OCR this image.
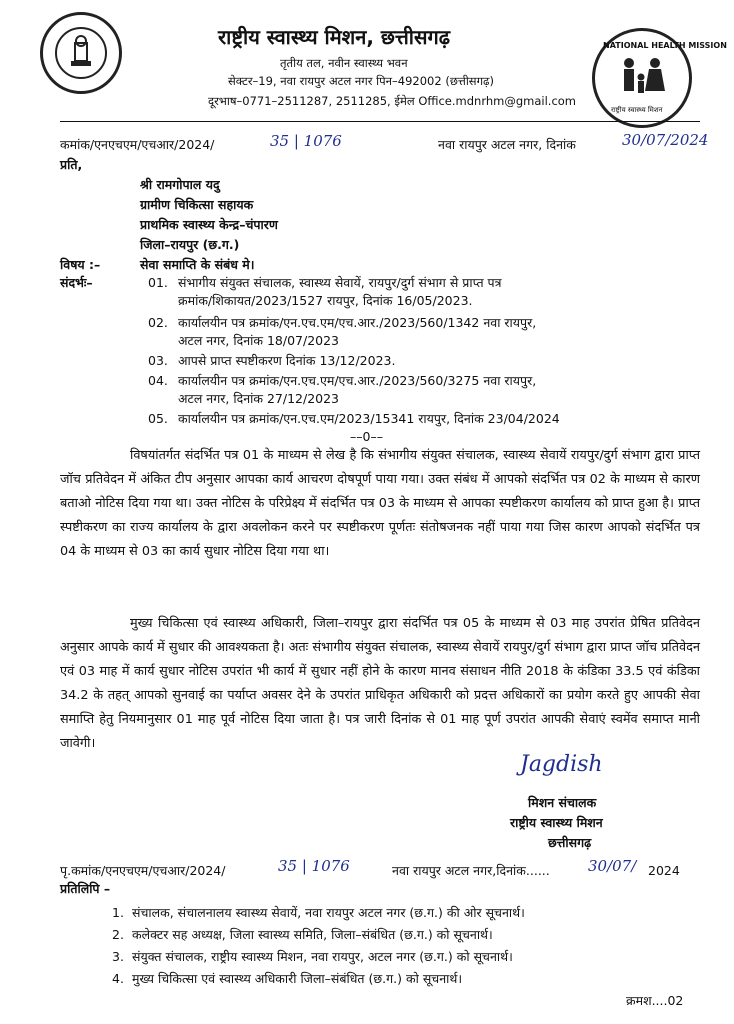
राष्ट्रीय स्वास्थ्य मिशन, छत्तीसगढ़
तृतीय तल, नवीन स्वास्थ्य भवन
सेक्टर–19, नवा रायपुर अटल नगर पिन–492002 (छत्तीसगढ़)
दूरभाष–0771–2511287, 2511285, ईमेल Office.mdnrhm@gmail.com
NATIONAL HEALTH MISSION
राष्ट्रीय स्वास्थ्य मिशन
कमांक/एनएचएम/एचआर/2024/	35 | 1076	नवा रायपुर अटल नगर, दिनांक	30/07/2024
प्रति,
श्री रामगोपाल यदु
ग्रामीण चिकित्सा सहायक
प्राथमिक स्वास्थ्य केन्द्र–चंपारण
जिला–रायपुर (छ.ग.)
विषय :–	सेवा समाप्ति के संबंध मे।
संदर्भः–	01. संभागीय संयुक्त संचालक, स्वास्थ्य सेवायें, रायपुर/दुर्ग संभाग से प्राप्त पत्र
क्रमांक/शिकायत/2023/1527 रायपुर, दिनांक 16/05/2023.
02. कार्यालयीन पत्र क्रमांक/एन.एच.एम/एच.आर./2023/560/1342 नवा रायपुर,
अटल नगर, दिनांक 18/07/2023
03. आपसे प्राप्त स्पष्टीकरण दिनांक 13/12/2023.
04. कार्यालयीन पत्र क्रमांक/एन.एच.एम/एच.आर./2023/560/3275 नवा रायपुर,
अटल नगर, दिनांक 27/12/2023
05. कार्यालयीन पत्र क्रमांक/एन.एच.एम/2023/15341 रायपुर, दिनांक 23/04/2024
––0––
विषयांतर्गत संदर्भित पत्र 01 के माध्यम से लेख है कि संभागीय संयुक्त संचालक, स्वास्थ्य सेवायें रायपुर/दुर्ग संभाग द्वारा प्राप्त जॉच प्रतिवेदन में अंकित टीप अनुसार आपका कार्य आचरण दोषपूर्ण पाया गया। उक्त संबंध में आपको संदर्भित पत्र 02 के माध्यम से कारण बताओ नोटिस दिया गया था। उक्त नोटिस के परिप्रेक्ष्य में संदर्भित पत्र 03 के माध्यम से आपका स्पष्टीकरण कार्यालय को प्राप्त हुआ है। प्राप्त स्पष्टीकरण का राज्य कार्यालय के द्वारा अवलोकन करने पर स्पष्टीकरण पूर्णतः संतोषजनक नहीं पाया गया जिस कारण आपको संदर्भित पत्र 04 के माध्यम से 03 का कार्य सुधार नोटिस दिया गया था।
मुख्य चिकित्सा एवं स्वास्थ्य अधिकारी, जिला–रायपुर द्वारा संदर्भित पत्र 05 के माध्यम से 03 माह उपरांत प्रेषित प्रतिवेदन अनुसार आपके कार्य में सुधार की आवश्यकता है। अतः संभागीय संयुक्त संचालक, स्वास्थ्य सेवायें रायपुर/दुर्ग संभाग द्वारा प्राप्त जॉच प्रतिवेदन एवं 03 माह में कार्य सुधार नोटिस उपरांत भी कार्य में सुधार नहीं होने के कारण मानव संसाधन नीति 2018 के कंडिका 33.5 एवं कंडिका 34.2 के तहत् आपको सुनवाई का पर्याप्त अवसर देने के उपरांत प्राधिकृत अधिकारी को प्रदत्त अधिकारों का प्रयोग करते हुए आपकी सेवा समाप्ति हेतु नियमानुसार 01 माह पूर्व नोटिस दिया जाता है। पत्र जारी दिनांक से 01 माह पूर्ण उपरांत आपकी सेवाएं स्वमेंव समाप्त मानी जावेगी।
Jagdish
मिशन संचालक
राष्ट्रीय स्वास्थ्य मिशन
छत्तीसगढ़
पृ.कमांक/एनएचएम/एचआर/2024/	35 | 1076	नवा रायपुर अटल नगर,दिनांक......	30/07/ 2024
प्रतिलिपि –
1. संचालक, संचालनालय स्वास्थ्य सेवायें, नवा रायपुर अटल नगर (छ.ग.) की ओर सूचनार्थ।
2. कलेक्टर सह अध्यक्ष, जिला स्वास्थ्य समिति, जिला–संबंधित (छ.ग.) को सूचनार्थ।
3. संयुक्त संचालक, राष्ट्रीय स्वास्थ्य मिशन, नवा रायपुर, अटल नगर (छ.ग.) को सूचनार्थ।
4. मुख्य चिकित्सा एवं स्वास्थ्य अधिकारी जिला–संबंधित (छ.ग.) को सूचनार्थ।
क्रमश....02
